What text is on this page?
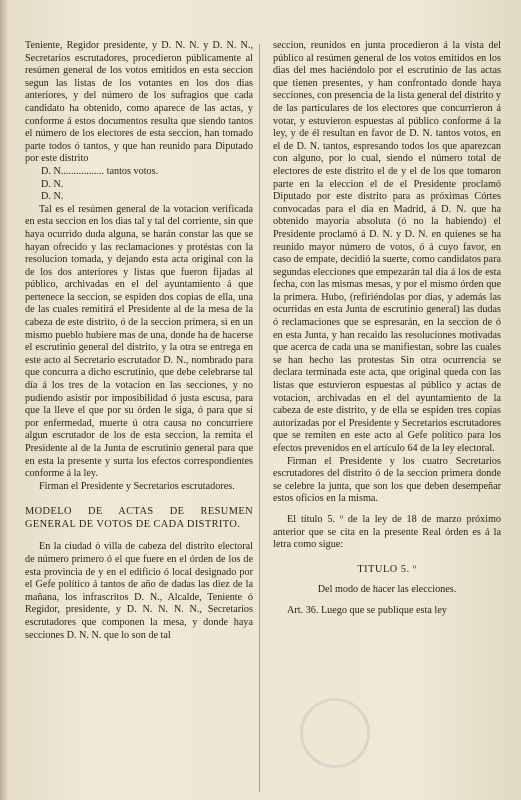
Teniente, Regidor presidente, y D. N. N. y D. N. N., Secretarios escrutadores, procedieron públicamente al resúmen general de los votos emitidos en esta seccion segun las listas de los votantes en los dos dias anteriores, y del número de los sufragios que cada candidato ha obtenido, como aparece de las actas, y conforme á estos documentos resulta que siendo tantos el número de los electores de esta seccion, han tomado parte todos ó tantos, y que han reunido para Diputado por este distrito

D. N................. tantos votos.
D. N.
D. N.

Tal es el resúmen general de la votacion verificada en esta seccion en los dias tal y tal del corriente, sin que haya ocurrido duda alguna, se harán constar las que se hayan ofrecido y las reclamaciones y protéstas con la resolucion tomada, y dejando esta acta original con la de los dos anteriores y listas que fueron fijadas al público, archivadas en el del ayuntamiento á que pertenece la seccion, se espiden dos copias de ella, una de las cuales remitirá el Presidente al de la mesa de la cabeza de este distrito, ó de la seccion primera, si en un mismo pueblo hubiere mas de una, donde ha de hacerse el escrutinio general del distrito, y la otra se entrega en este acto al Secretario escrutador D. N., nombrado para que concurra a dicho escrutinio, que debe celebrarse tal día á los tres de la votacion en las secciones, y no pudiendo asistir por imposibilidad ó justa escusa, para que la lleve el que por su órden le siga, ó para que si por enfermedad, muerte ú otra causa no concurriere algun escrutador de los de esta seccion, la remita el Presidente al de la Junta de escrutinio general para que en esta la presente y surta los efectos correspondientes conforme á la ley.

Firman el Presidente y Secretarios escrutadores.

MODELO DE ACTAS DE RESUMEN GENERAL DE VOTOS DE CADA DISTRITO.

En la ciudad ó villa de cabeza del distrito electoral de número primero ó el que fuere en el órden de los de esta provincia de y en el edificio ó local designado por el Gefe político á tantos de año de dadas las diez de la mañana, los infrascritos D. N., Alcalde, Teniente ó Regidor, presidente, y D. N. N. N. N., Secretarios escrutadores que componen la mesa, y donde haya secciones D. N. N. que lo son de tal

seccion, reunidos en junta procedieron á la vista del público al resúmen general de los votos emitidos en los dias del mes haciéndolo por el escrutinio de las actas que tienen presentes, y han confrontado donde haya secciones, con presencia de la lista general del distrito y de las particulares de los electores que concurrieron á votar, y estuvieron espuestas al público conforme á la ley, y de él resultan en favor de D. N. tantos votos, en el de D. N. tantos, espresando todos los que aparezcan con alguno, por lo cual, siendo el número total de electores de este distrito el de y el de los que tomaron parte en la eleccion el de el Presidente proclamó Diputado por este distrito para as próximas Córtes convocadas para el dia en Madrid, á D. N. que ha obtenido mayoría absoluta (ó no la habiendo) el Presidente proclamó á D. N. y D. N. en quienes se ha reunido mayor número de votos, ó á cuyo favor, en caso de empate, decidió la suerte, como candidatos para segundas elecciones que empezarán tal dia á los de esta fecha, con las mismas mesas, y por el mismo órden que la primera. Hubo, (refiriéndolas por dias, y además las ocurridas en esta Junta de escrutinio general) las dudas ó reclamaciones que se espresarán, en la seccion de ó en esta Junta, y han recaido las resoluciones motivadas que acerca de cada una se manifiestan, sobre las cuales se han hecho las protestas Sin otra ocurrencia se declara terminada este acta, que original queda con las listas que estuvieron espuestas al público y actas de votacion, archivadas en el del ayuntamiento de la cabeza de este distrito, y de ella se espiden tres copias autorizadas por el Presidente y Secretarios escrutadores que se remiten en este acto al Gefe político para los efectos prevenidos en el artículo 64 de la ley electoral.

Firman el Presidente y los cuatro Secretarios escrutadores del distrito ó de la seccion primera donde se celebre la junta, que son los que deben desempeñar estos oficios en la misma.

El título 5. º de la ley de 18 de marzo próximo anterior que se cita en la presente Real órden es á la letra como sigue:

TITULO 5. º

Del modo de hacer las elecciones.

Art. 36. Luego que se publique esta ley
